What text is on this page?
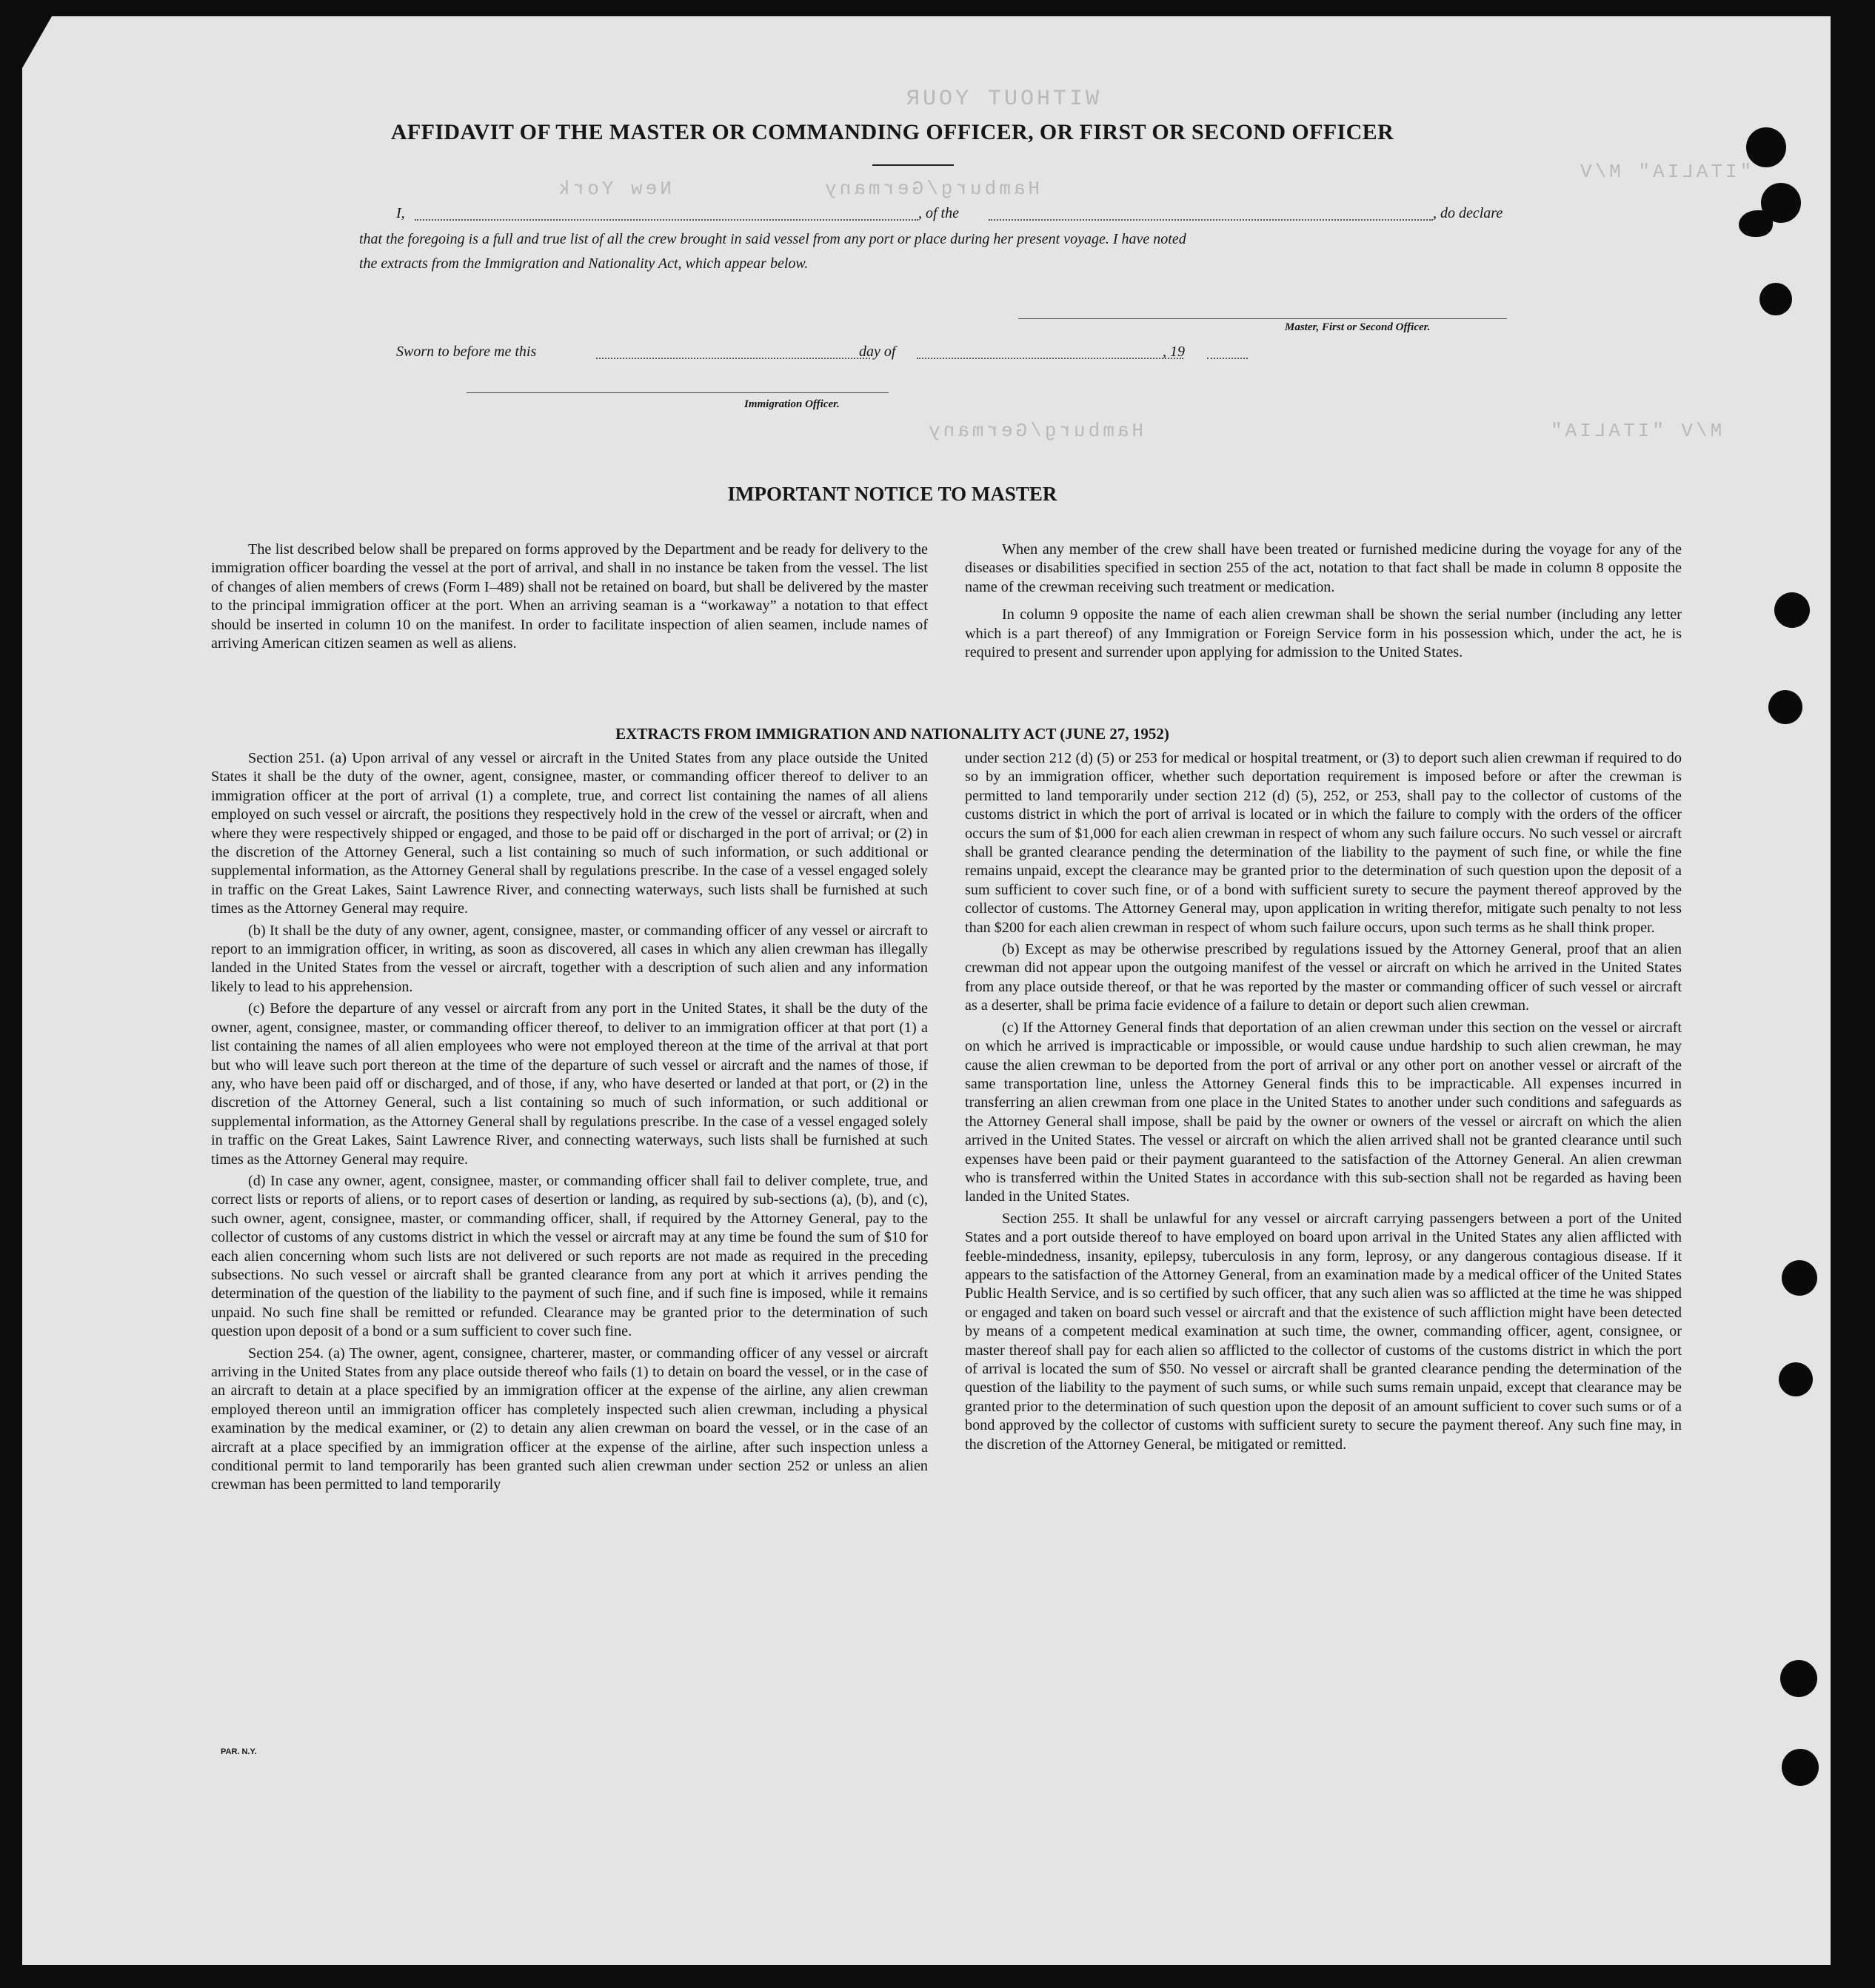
WITHOUT YOUR
New York	Hamburg/Germany
"ITALIA" M/V
Hamburg/Germany	M/V "ITALIA"
AFFIDAVIT OF THE MASTER OR COMMANDING OFFICER, OR FIRST OR SECOND OFFICER
I,	, of the	, do declare
that the foregoing is a full and true list of all the crew brought in said vessel from any port or place during her present voyage. I have noted
the extracts from the Immigration and Nationality Act, which appear below.
Master, First or Second Officer.
Sworn to before me this	day of	, 19
Immigration Officer.
IMPORTANT NOTICE TO MASTER

The list described below shall be prepared on forms approved by the Department and be ready for delivery to the immigration officer boarding the vessel at the port of arrival, and shall in no instance be taken from the vessel. The list of changes of alien members of crews (Form I–489) shall not be retained on board, but shall be delivered by the master to the principal immigration officer at the port. When an arriving seaman is a “workaway” a notation to that effect should be inserted in column 10 on the manifest. In order to facilitate inspection of alien seamen, include names of arriving American citizen seamen as well as aliens.

When any member of the crew shall have been treated or furnished medicine during the voyage for any of the diseases or disabilities specified in section 255 of the act, notation to that fact shall be made in column 8 opposite the name of the crewman receiving such treatment or medication.

In column 9 opposite the name of each alien crewman shall be shown the serial number (including any letter which is a part thereof) of any Immigration or Foreign Service form in his possession which, under the act, he is required to present and surrender upon applying for admission to the United States.

EXTRACTS FROM IMMIGRATION AND NATIONALITY ACT (JUNE 27, 1952)

Section 251. (a) Upon arrival of any vessel or aircraft in the United States from any place outside the United States it shall be the duty of the owner, agent, consignee, master, or commanding officer thereof to deliver to an immigration officer at the port of arrival (1) a complete, true, and correct list containing the names of all aliens employed on such vessel or aircraft, the positions they respectively hold in the crew of the vessel or aircraft, when and where they were respectively shipped or engaged, and those to be paid off or discharged in the port of arrival; or (2) in the discretion of the Attorney General, such a list containing so much of such information, or such additional or supplemental information, as the Attorney General shall by regulations prescribe. In the case of a vessel engaged solely in traffic on the Great Lakes, Saint Lawrence River, and connecting waterways, such lists shall be furnished at such times as the Attorney General may require.

(b) It shall be the duty of any owner, agent, consignee, master, or commanding officer of any vessel or aircraft to report to an immigration officer, in writing, as soon as discovered, all cases in which any alien crewman has illegally landed in the United States from the vessel or aircraft, together with a description of such alien and any information likely to lead to his apprehension.

(c) Before the departure of any vessel or aircraft from any port in the United States, it shall be the duty of the owner, agent, consignee, master, or commanding officer thereof, to deliver to an immigration officer at that port (1) a list containing the names of all alien employees who were not employed thereon at the time of the arrival at that port but who will leave such port thereon at the time of the departure of such vessel or aircraft and the names of those, if any, who have been paid off or discharged, and of those, if any, who have deserted or landed at that port, or (2) in the discretion of the Attorney General, such a list containing so much of such information, or such additional or supplemental information, as the Attorney General shall by regulations prescribe. In the case of a vessel engaged solely in traffic on the Great Lakes, Saint Lawrence River, and connecting waterways, such lists shall be furnished at such times as the Attorney General may require.

(d) In case any owner, agent, consignee, master, or commanding officer shall fail to deliver complete, true, and correct lists or reports of aliens, or to report cases of desertion or landing, as required by sub-sections (a), (b), and (c), such owner, agent, consignee, master, or commanding officer, shall, if required by the Attorney General, pay to the collector of customs of any customs district in which the vessel or aircraft may at any time be found the sum of $10 for each alien concerning whom such lists are not delivered or such reports are not made as required in the preceding subsections. No such vessel or aircraft shall be granted clearance from any port at which it arrives pending the determination of the question of the liability to the payment of such fine, and if such fine is imposed, while it remains unpaid. No such fine shall be remitted or refunded. Clearance may be granted prior to the determination of such question upon deposit of a bond or a sum sufficient to cover such fine.

Section 254. (a) The owner, agent, consignee, charterer, master, or commanding officer of any vessel or aircraft arriving in the United States from any place outside thereof who fails (1) to detain on board the vessel, or in the case of an aircraft to detain at a place specified by an immigration officer at the expense of the airline, any alien crewman employed thereon until an immigration officer has completely inspected such alien crewman, including a physical examination by the medical examiner, or (2) to detain any alien crewman on board the vessel, or in the case of an aircraft at a place specified by an immigration officer at the expense of the airline, after such inspection unless a conditional permit to land temporarily has been granted such alien crewman under section 252 or unless an alien crewman has been permitted to land temporarily

under section 212 (d) (5) or 253 for medical or hospital treatment, or (3) to deport such alien crewman if required to do so by an immigration officer, whether such deportation requirement is imposed before or after the crewman is permitted to land temporarily under section 212 (d) (5), 252, or 253, shall pay to the collector of customs of the customs district in which the port of arrival is located or in which the failure to comply with the orders of the officer occurs the sum of $1,000 for each alien crewman in respect of whom any such failure occurs. No such vessel or aircraft shall be granted clearance pending the determination of the liability to the payment of such fine, or while the fine remains unpaid, except the clearance may be granted prior to the determination of such question upon the deposit of a sum sufficient to cover such fine, or of a bond with sufficient surety to secure the payment thereof approved by the collector of customs. The Attorney General may, upon application in writing therefor, mitigate such penalty to not less than $200 for each alien crewman in respect of whom such failure occurs, upon such terms as he shall think proper.

(b) Except as may be otherwise prescribed by regulations issued by the Attorney General, proof that an alien crewman did not appear upon the outgoing manifest of the vessel or aircraft on which he arrived in the United States from any place outside thereof, or that he was reported by the master or commanding officer of such vessel or aircraft as a deserter, shall be prima facie evidence of a failure to detain or deport such alien crewman.

(c) If the Attorney General finds that deportation of an alien crewman under this section on the vessel or aircraft on which he arrived is impracticable or impossible, or would cause undue hardship to such alien crewman, he may cause the alien crewman to be deported from the port of arrival or any other port on another vessel or aircraft of the same transportation line, unless the Attorney General finds this to be impracticable. All expenses incurred in transferring an alien crewman from one place in the United States to another under such conditions and safeguards as the Attorney General shall impose, shall be paid by the owner or owners of the vessel or aircraft on which the alien arrived in the United States. The vessel or aircraft on which the alien arrived shall not be granted clearance until such expenses have been paid or their payment guaranteed to the satisfaction of the Attorney General. An alien crewman who is transferred within the United States in accordance with this sub-section shall not be regarded as having been landed in the United States.

Section 255. It shall be unlawful for any vessel or aircraft carrying passengers between a port of the United States and a port outside thereof to have employed on board upon arrival in the United States any alien afflicted with feeble-mindedness, insanity, epilepsy, tuberculosis in any form, leprosy, or any dangerous contagious disease. If it appears to the satisfaction of the Attorney General, from an examination made by a medical officer of the United States Public Health Service, and is so certified by such officer, that any such alien was so afflicted at the time he was shipped or engaged and taken on board such vessel or aircraft and that the existence of such affliction might have been detected by means of a competent medical examination at such time, the owner, commanding officer, agent, consignee, or master thereof shall pay for each alien so afflicted to the collector of customs of the customs district in which the port of arrival is located the sum of $50. No vessel or aircraft shall be granted clearance pending the determination of the question of the liability to the payment of such sums, or while such sums remain unpaid, except that clearance may be granted prior to the determination of such question upon the deposit of an amount sufficient to cover such sums or of a bond approved by the collector of customs with sufficient surety to secure the payment thereof. Any such fine may, in the discretion of the Attorney General, be mitigated or remitted.

PAR. N.Y.
